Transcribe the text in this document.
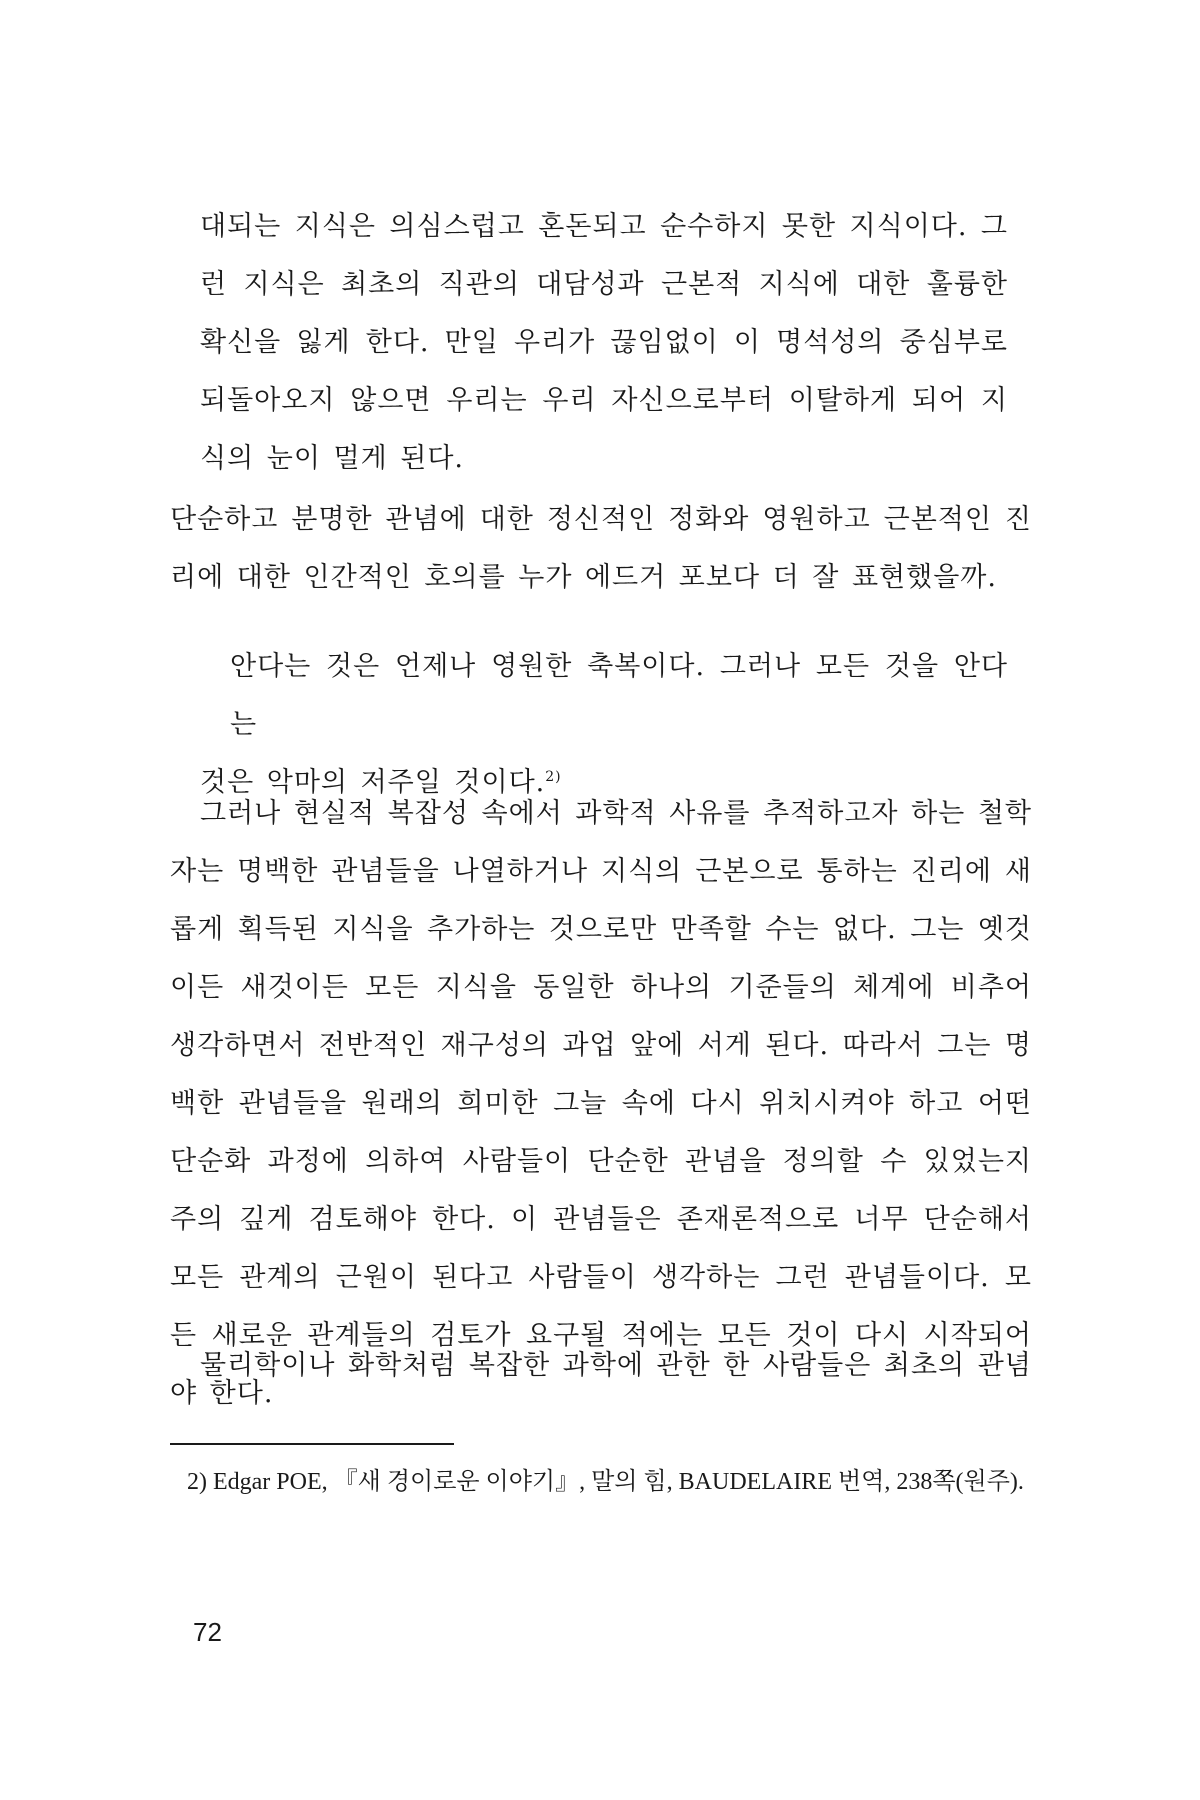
대되는 지식은 의심스럽고 혼돈되고 순수하지 못한 지식이다. 그런 지식은 최초의 직관의 대담성과 근본적 지식에 대한 훌륭한 확신을 잃게 한다. 만일 우리가 끊임없이 이 명석성의 중심부로 되돌아오지 않으면 우리는 우리 자신으로부터 이탈하게 되어 지식의 눈이 멀게 된다.

단순하고 분명한 관념에 대한 정신적인 정화와 영원하고 근본적인 진리에 대한 인간적인 호의를 누가 에드거 포보다 더 잘 표현했을까.

안다는 것은 언제나 영원한 축복이다. 그러나 모든 것을 안다는
것은 악마의 저주일 것이다.$^{2)}$

그러나 현실적 복잡성 속에서 과학적 사유를 추적하고자 하는 철학자는 명백한 관념들을 나열하거나 지식의 근본으로 통하는 진리에 새롭게 획득된 지식을 추가하는 것으로만 만족할 수는 없다. 그는 옛것이든 새것이든 모든 지식을 동일한 하나의 기준들의 체계에 비추어 생각하면서 전반적인 재구성의 과업 앞에 서게 된다. 따라서 그는 명백한 관념들을 원래의 희미한 그늘 속에 다시 위치시켜야 하고 어떤 단순화 과정에 의하여 사람들이 단순한 관념을 정의할 수 있었는지 주의 깊게 검토해야 한다. 이 관념들은 존재론적으로 너무 단순해서 모든 관계의 근원이 된다고 사람들이 생각하는 그런 관념들이다. 모든 새로운 관계들의 검토가 요구될 적에는 모든 것이 다시 시작되어야 한다.

물리학이나 화학처럼 복잡한 과학에 관한 한 사람들은 최초의 관념

2) Edgar POE, 『새 경이로운 이야기』, 말의 힘, BAUDELAIRE 번역, 238쪽(원주).

72
